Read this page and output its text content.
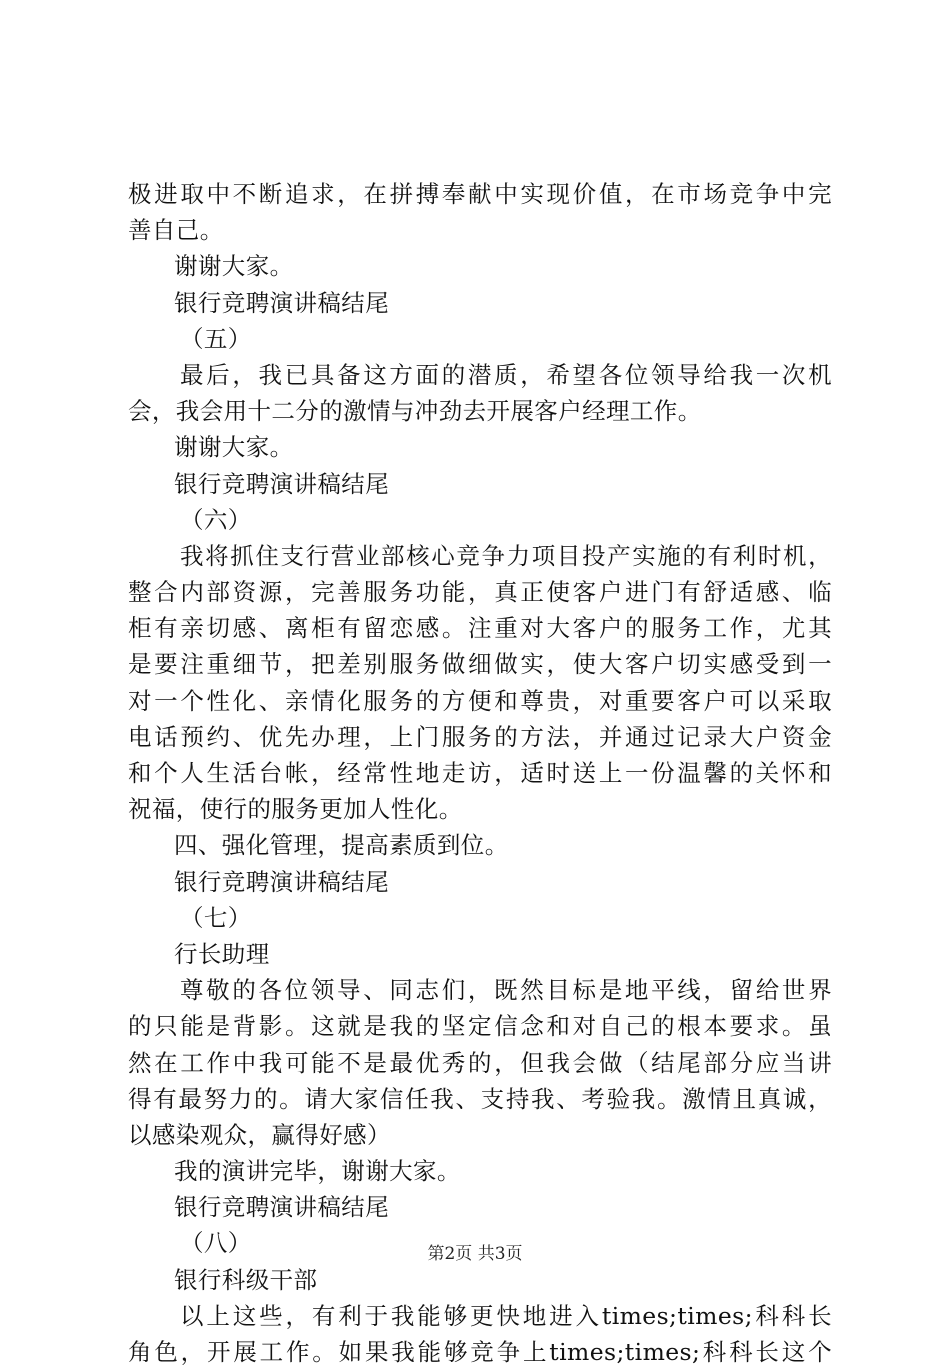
极进取中不断追求，在拼搏奉献中实现价值，在市场竞争中完
善自己。
谢谢大家。
银行竞聘演讲稿结尾
（五）
最后，我已具备这方面的潜质，希望各位领导给我一次机
会，我会用十二分的激情与冲劲去开展客户经理工作。
谢谢大家。
银行竞聘演讲稿结尾
（六）
我将抓住支行营业部核心竞争力项目投产实施的有利时机，
整合内部资源，完善服务功能，真正使客户进门有舒适感、临
柜有亲切感、离柜有留恋感。注重对大客户的服务工作，尤其
是要注重细节，把差别服务做细做实，使大客户切实感受到一
对一个性化、亲情化服务的方便和尊贵，对重要客户可以采取
电话预约、优先办理，上门服务的方法，并通过记录大户资金
和个人生活台帐，经常性地走访，适时送上一份温馨的关怀和
祝福，使行的服务更加人性化。
四、强化管理，提高素质到位。
银行竞聘演讲稿结尾
（七）
行长助理
尊敬的各位领导、同志们，既然目标是地平线，留给世界
的只能是背影。这就是我的坚定信念和对自己的根本要求。虽
然在工作中我可能不是最优秀的，但我会做（结尾部分应当讲
得有最努力的。请大家信任我、支持我、考验我。激情且真诚，
以感染观众，赢得好感）
我的演讲完毕，谢谢大家。
银行竞聘演讲稿结尾
（八）
银行科级干部
以上这些，有利于我能够更快地进入times;times;科科长
角色，开展工作。如果我能够竞争上times;times;科科长这个
第2页 共3页
